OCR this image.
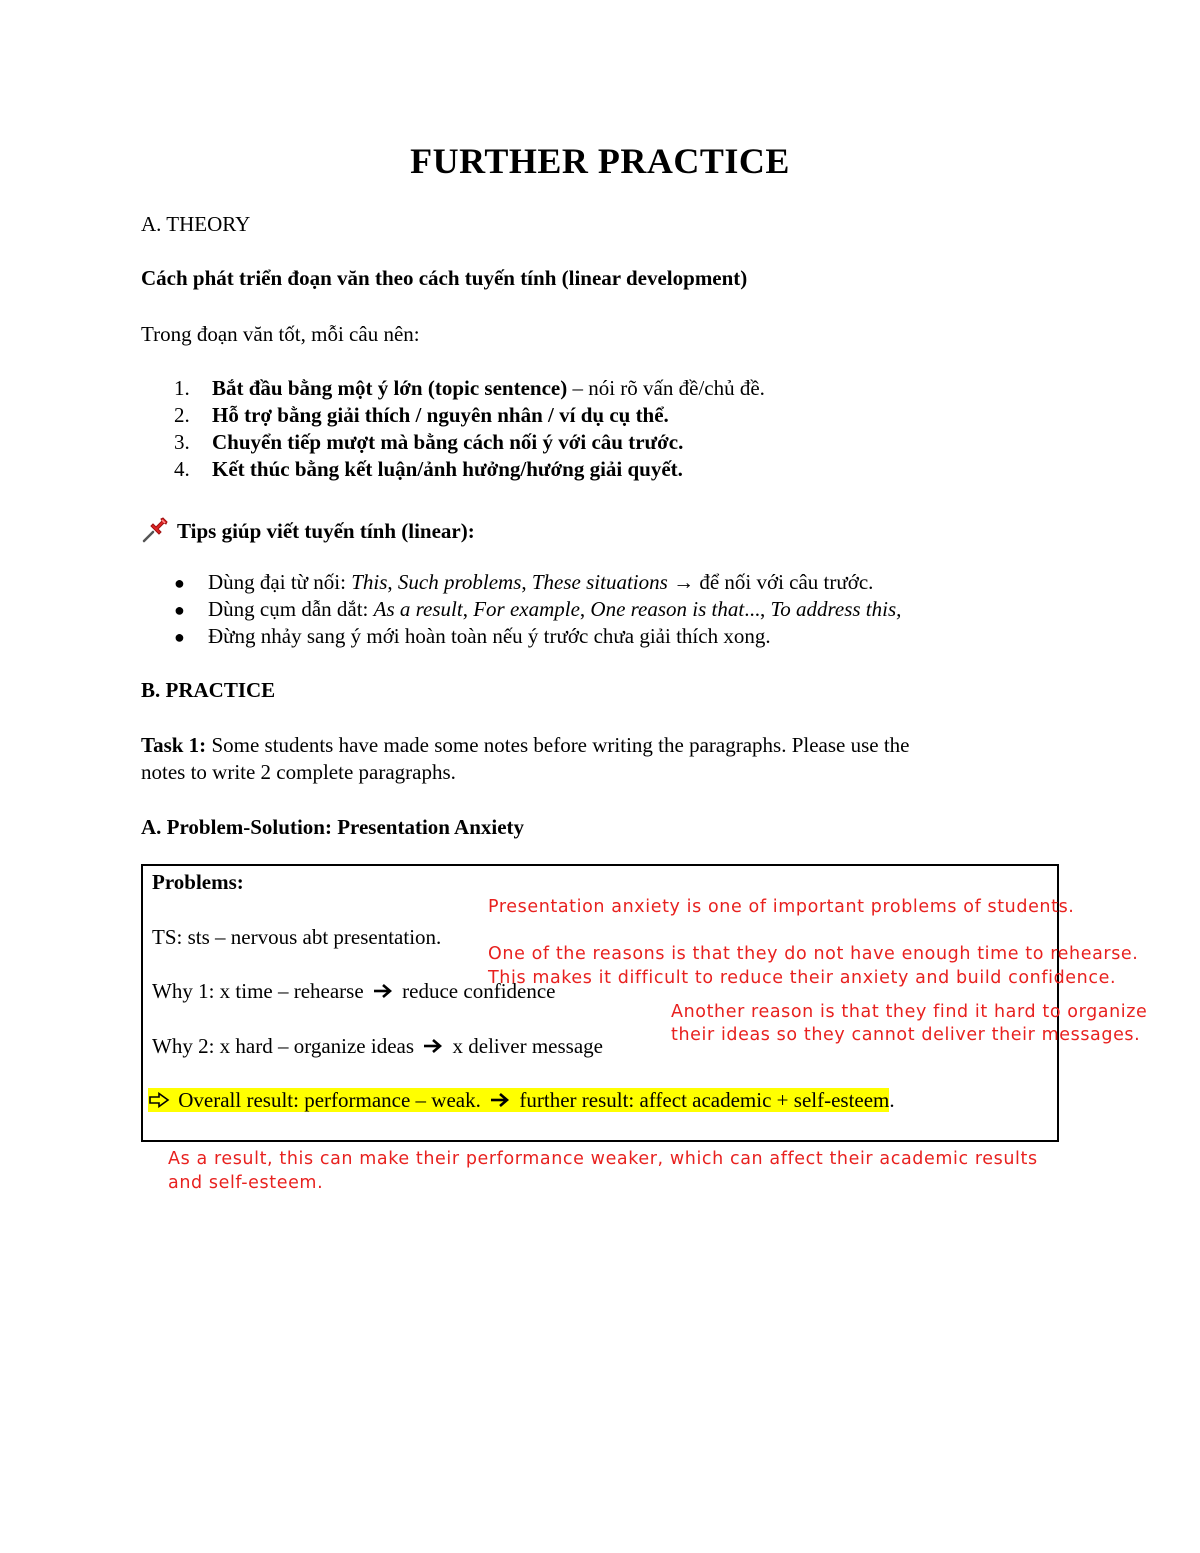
FURTHER PRACTICE
A. THEORY
Cách phát triển đoạn văn theo cách tuyến tính (linear development)
Trong đoạn văn tốt, mỗi câu nên:
1. Bắt đầu bằng một ý lớn (topic sentence) – nói rõ vấn đề/chủ đề.
2. Hỗ trợ bằng giải thích / nguyên nhân / ví dụ cụ thể.
3. Chuyển tiếp mượt mà bằng cách nối ý với câu trước.
4. Kết thúc bằng kết luận/ảnh hưởng/hướng giải quyết.
Tips giúp viết tuyến tính (linear):
● Dùng đại từ nối: This, Such problems, These situations → để nối với câu trước.
● Dùng cụm dẫn dắt: As a result, For example, One reason is that..., To address this,
● Đừng nhảy sang ý mới hoàn toàn nếu ý trước chưa giải thích xong.
B. PRACTICE
Task 1: Some students have made some notes before writing the paragraphs. Please use the
notes to write 2 complete paragraphs.
A. Problem-Solution: Presentation Anxiety
Problems:
TS: sts – nervous abt presentation.
Why 1: x time – rehearse  reduce confidence
Why 2: x hard – organize ideas  x deliver message
Overall result: performance – weak.  further result: affect academic + self-esteem.
Presentation anxiety is one of important problems of students.
One of the reasons is that they do not have enough time to rehearse.
This makes it difficult to reduce their anxiety and build confidence.
Another reason is that they find it hard to organize
their ideas so they cannot deliver their messages.
As a result, this can make their performance weaker, which can affect their academic results
and self-esteem.
